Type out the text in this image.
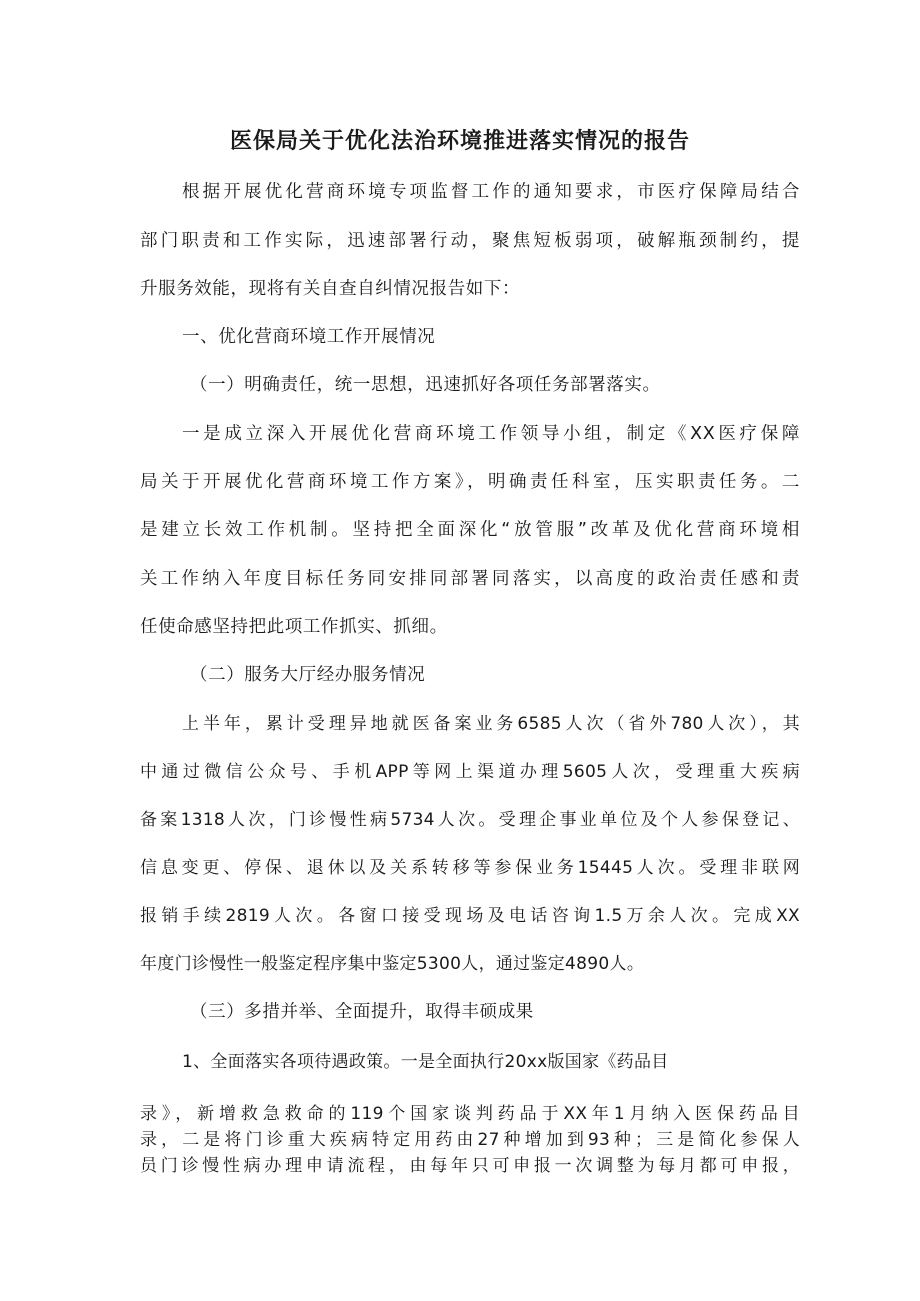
医保局关于优化法治环境推进落实情况的报告
根据开展优化营商环境专项监督工作的通知要求，市医疗保障局结合
部门职责和工作实际，迅速部署行动，聚焦短板弱项，破解瓶颈制约，提
升服务效能，现将有关自查自纠情况报告如下：
一、优化营商环境工作开展情况
（一）明确责任，统一思想，迅速抓好各项任务部署落实。
一是成立深入开展优化营商环境工作领导小组，制定《XX医疗保障
局关于开展优化营商环境工作方案》，明确责任科室，压实职责任务。二
是建立长效工作机制。坚持把全面深化“放管服”改革及优化营商环境相
关工作纳入年度目标任务同安排同部署同落实，以高度的政治责任感和责
任使命感坚持把此项工作抓实、抓细。
（二）服务大厅经办服务情况
上半年，累计受理异地就医备案业务6585人次（省外780人次），其
中通过微信公众号、手机APP等网上渠道办理5605人次，受理重大疾病
备案1318人次，门诊慢性病5734人次。受理企事业单位及个人参保登记、
信息变更、停保、退休以及关系转移等参保业务15445人次。受理非联网
报销手续2819人次。各窗口接受现场及电话咨询1.5万余人次。完成XX
年度门诊慢性一般鉴定程序集中鉴定5300人，通过鉴定4890人。
（三）多措并举、全面提升，取得丰硕成果
1、全面落实各项待遇政策。一是全面执行20xx版国家《药品目
录》，新增救急救命的119个国家谈判药品于XX年1月纳入医保药品目
录，二是将门诊重大疾病特定用药由27种增加到93种；三是简化参保人
员门诊慢性病办理申请流程，由每年只可申报一次调整为每月都可申报，
